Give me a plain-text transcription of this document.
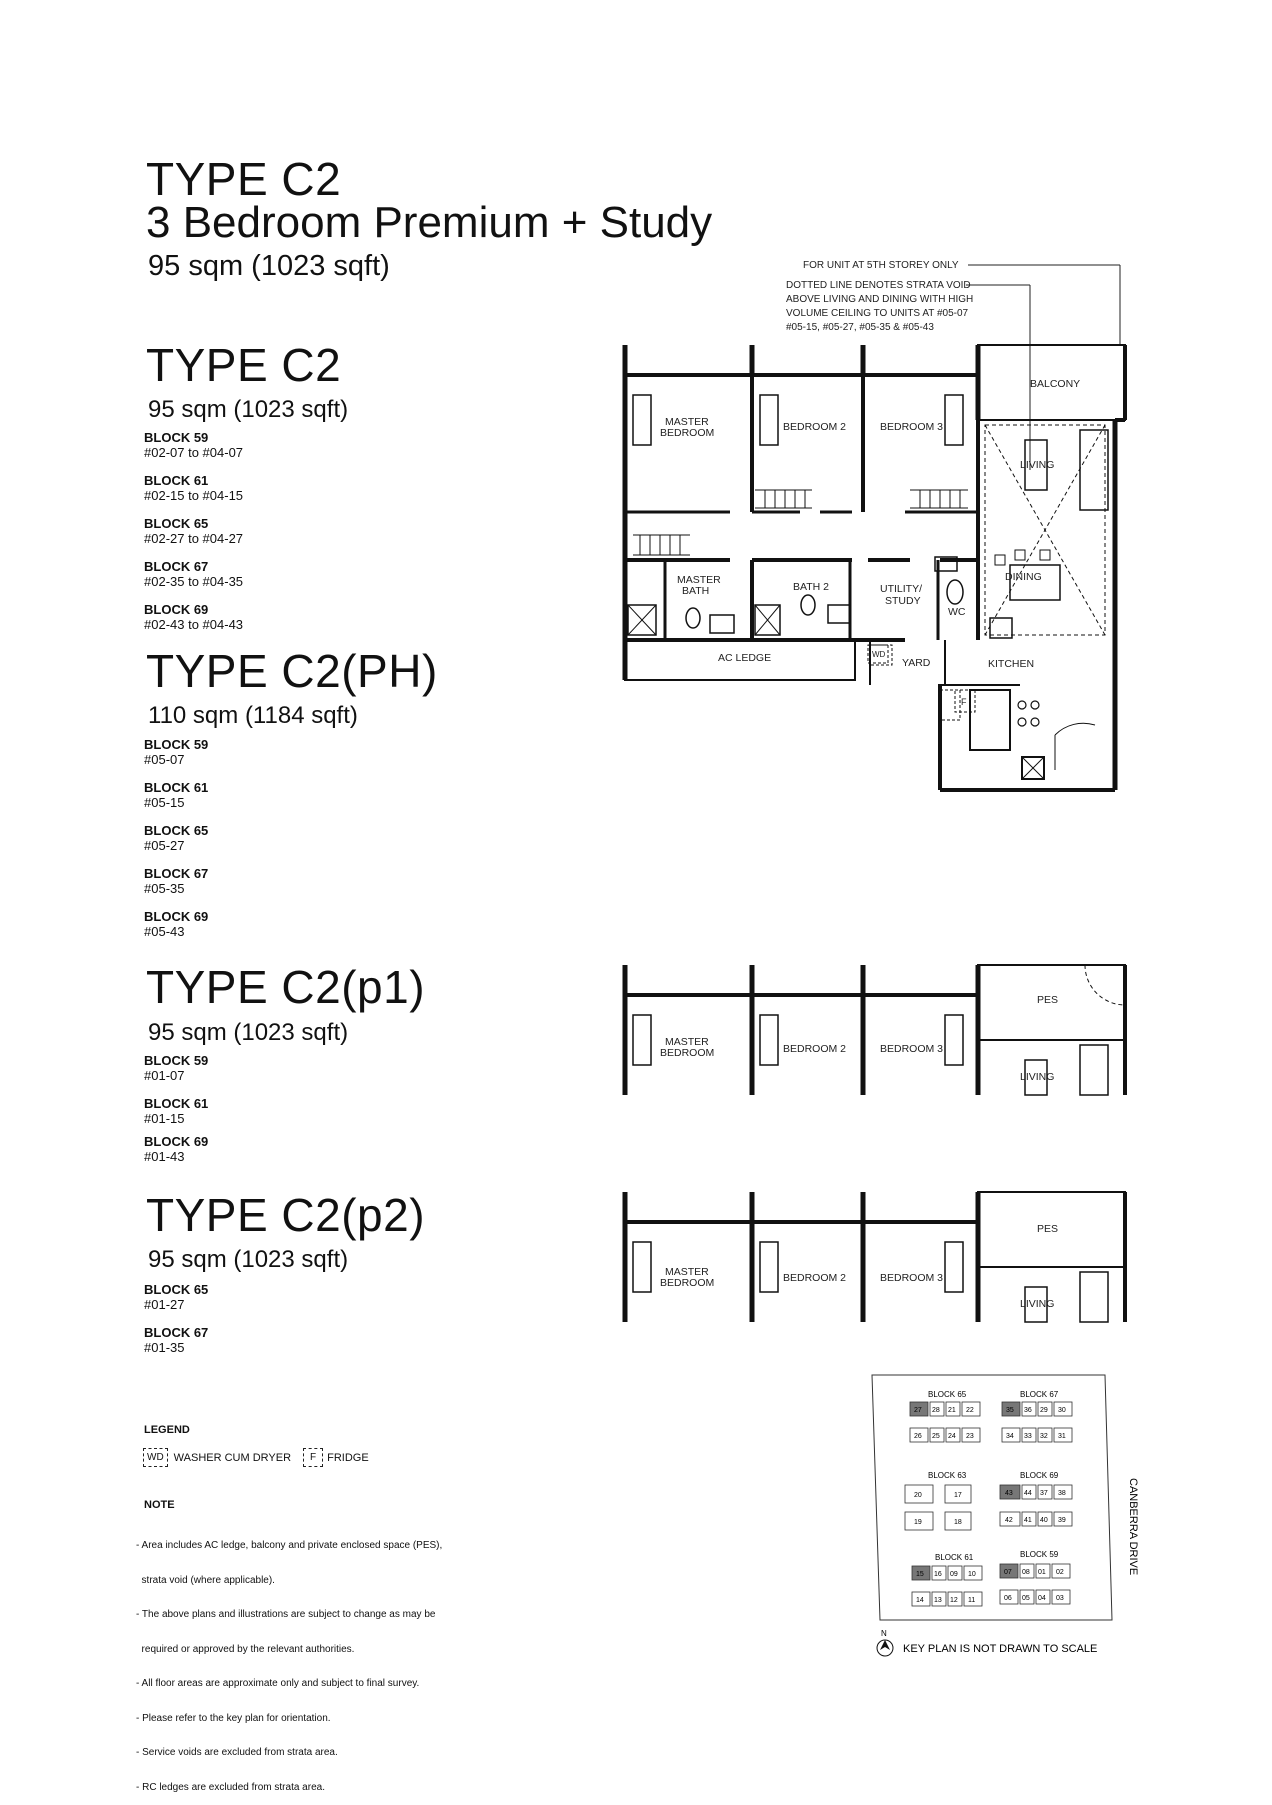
TYPE C2
3 Bedroom Premium + Study
95 sqm (1023 sqft)
TYPE C2
95 sqm (1023 sqft)
BLOCK 59
#02-07 to #04-07
BLOCK 61
#02-15 to #04-15
BLOCK 65
#02-27 to #04-27
BLOCK 67
#02-35 to #04-35
BLOCK 69
#02-43 to #04-43
TYPE C2(PH)
110 sqm (1184 sqft)
BLOCK 59
#05-07
BLOCK 61
#05-15
BLOCK 65
#05-27
BLOCK 67
#05-35
BLOCK 69
#05-43
TYPE C2(p1)
95 sqm (1023 sqft)
BLOCK 59
#01-07
BLOCK 61
#01-15
BLOCK 69
#01-43
TYPE C2(p2)
95 sqm (1023 sqft)
BLOCK 65
#01-27
BLOCK 67
#01-35
LEGEND
WD WASHER CUM DRYER	F	FRIDGE
NOTE

- Area includes AC ledge, balcony and private enclosed space (PES),

strata void (where applicable).

- The above plans and illustrations are subject to change as may be

required or approved by the relevant authorities.

- All floor areas are approximate only and subject to final survey.

- Please refer to the key plan for orientation.

- Service voids are excluded from strata area.

- RC ledges are excluded from strata area.

FOR UNIT AT 5TH STOREY ONLY
DOTTED LINE DENOTES STRATA VOID
ABOVE LIVING AND DINING WITH HIGH
VOLUME CEILING TO UNITS AT #05-07
#05-15, #05-27, #05-35 & #05-43
MASTER
BEDROOM	BEDROOM 2	BEDROOM 3
BALCONY
LIVING
DINING
MASTER
BATH	BATH 2	UTILITY/
STUDY
WC
AC LEDGE	WD
YARD	KITCHEN
F
MASTER
BEDROOM	BEDROOM 2	BEDROOM 3
PES
LIVING
MASTER
BEDROOM	BEDROOM 2	BEDROOM 3
PES
LIVING
CANBERRA DRIVE
BLOCK 65
27 28 21 22
26 25 24 23
BLOCK 67
35 36 29 30
34 33 32 31
BLOCK 63
20	17
19	18
BLOCK 69
43 44 37 38
42 41 40 39
BLOCK 61
15 16 09 10
14 13 12 11
BLOCK 59
07 08 01 02
06 05 04 03
N
KEY PLAN IS NOT DRAWN TO SCALE
